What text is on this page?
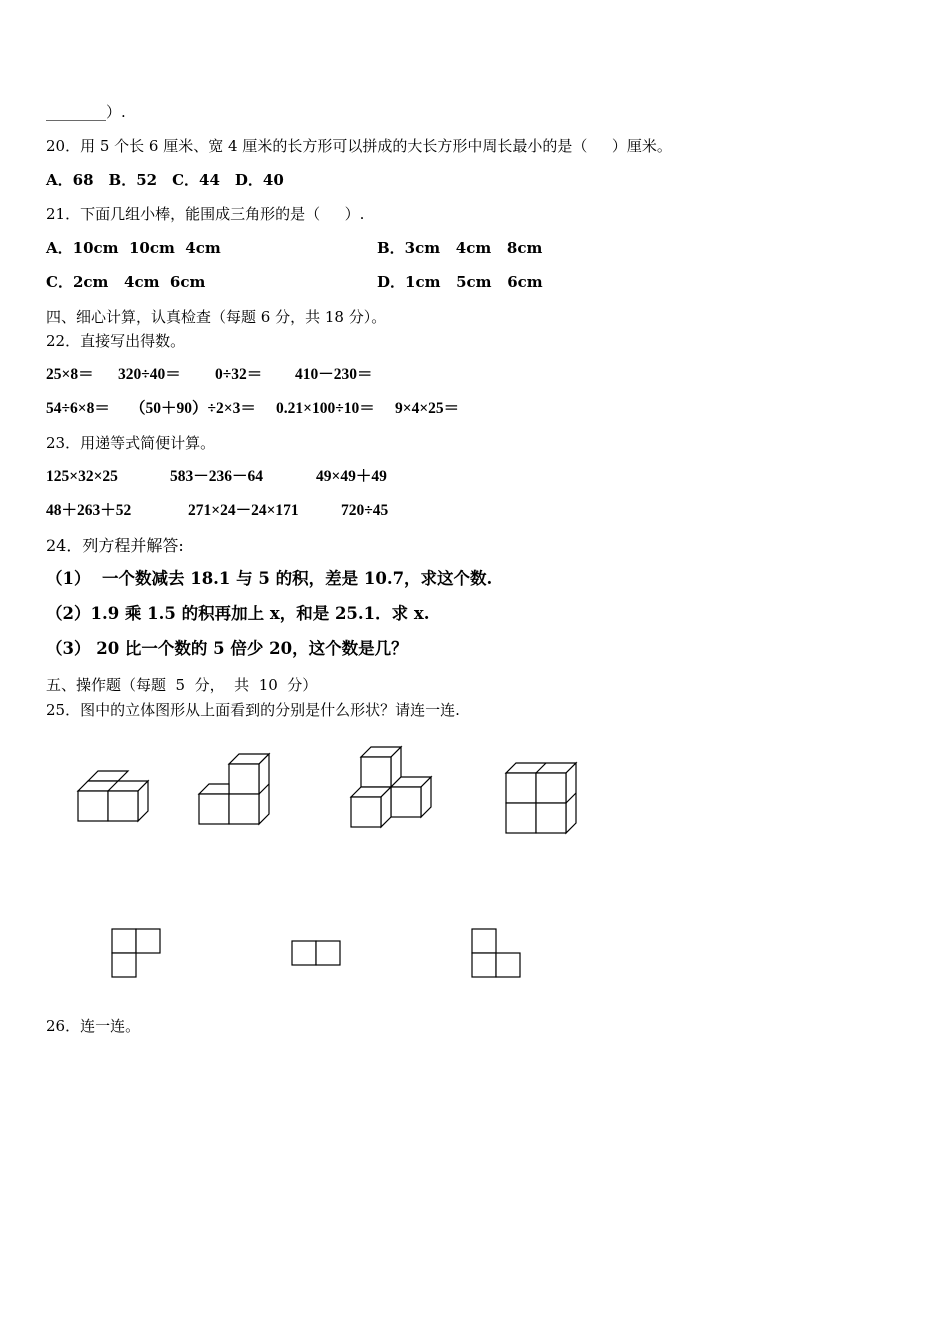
________）.
20．用 5 个长 6 厘米、宽 4 厘米的长方形可以拼成的大长方形中周长最小的是（　  ）厘米。
A．68　B．52　C．44　D．40
21．下面几组小棒，能围成三角形的是（　  ）.
A．10cm  10cm  4cm	B．3cm   4cm   8cm
C．2cm   4cm  6cm	D．1cm   5cm   6cm
四、细心计算，认真检查（每题 6 分，共 18 分）。
22．直接写出得数。
25×8＝ 320÷40＝ 0÷32＝ 410－230＝
54÷6×8＝ （50＋90）÷2×3＝ 0.21×100÷10＝ 9×4×25＝
23．用递等式简便计算。
125×32×25	583－236－64	49×49＋49
48＋263＋52	271×24－24×171	720÷45
24．列方程并解答:
（1）  一个数减去 18.1 与 5 的积，差是 10.7，求这个数.
（2）1.9 乘 1.5 的积再加上 x，和是 25.1．求 x.
（3） 20 比一个数的 5 倍少 20，这个数是几？
五、操作题（每题  5  分，  共  10  分）
25．图中的立体图形从上面看到的分别是什么形状？请连一连.
26．连一连。
